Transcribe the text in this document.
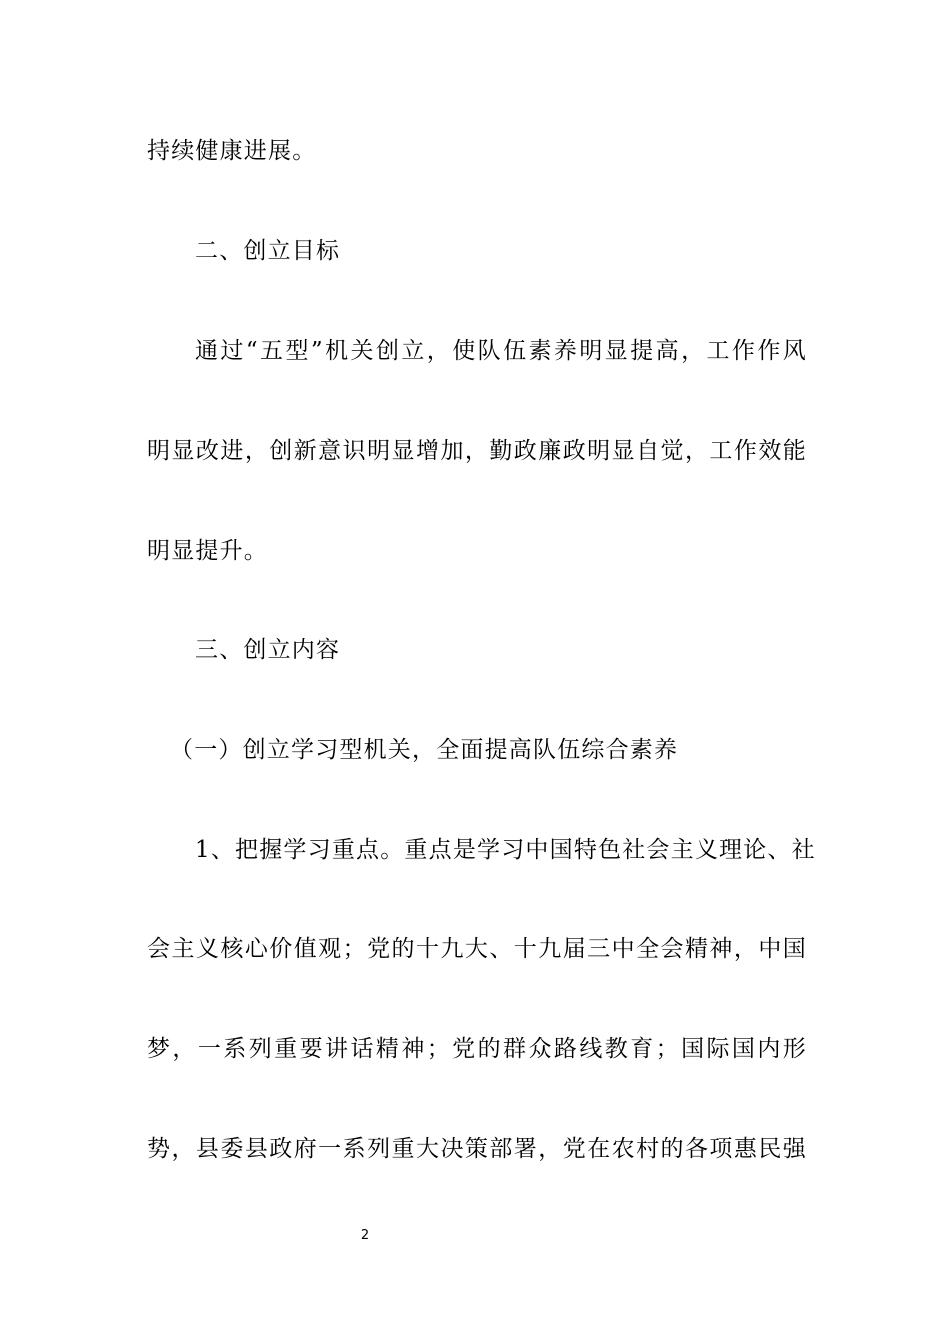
持续健康进展。
二、创立目标
通过“五型”机关创立，使队伍素养明显提高，工作作风
明显改进，创新意识明显增加，勤政廉政明显自觉，工作效能
明显提升。
三、创立内容
（一）创立学习型机关，全面提高队伍综合素养
1、把握学习重点。重点是学习中国特色社会主义理论、社
会主义核心价值观；党的十九大、十九届三中全会精神，中国
梦，一系列重要讲话精神；党的群众路线教育；国际国内形
势，县委县政府一系列重大决策部署，党在农村的各项惠民强
2
